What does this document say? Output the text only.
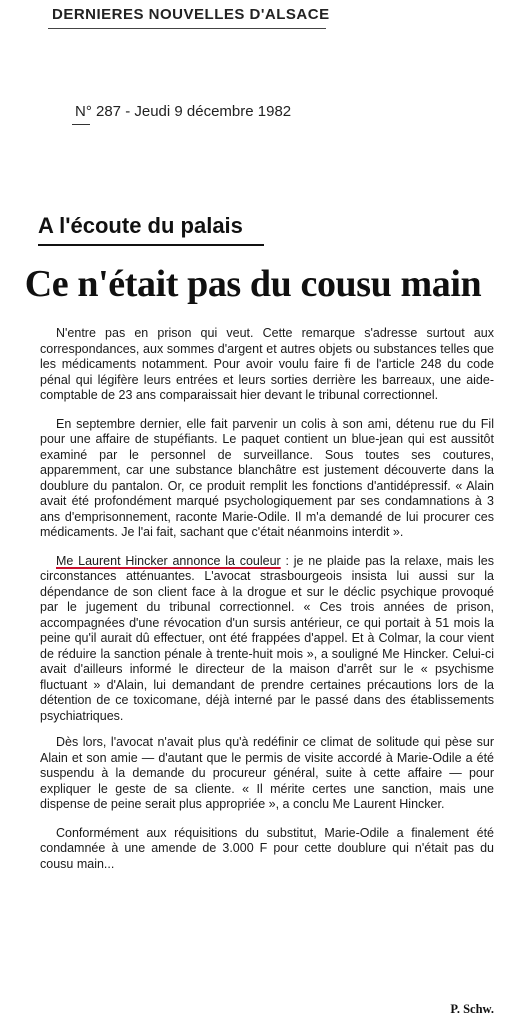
DERNIERES NOUVELLES D'ALSACE
N° 287 - Jeudi 9 décembre 1982
A l'écoute du palais
Ce n'était pas du cousu main

N'entre pas en prison qui veut. Cette remarque s'adresse surtout aux correspondances, aux sommes d'argent et autres objets ou substances telles que les médicaments notamment. Pour avoir voulu faire fi de l'article 248 du code pénal qui légifère leurs entrées et leurs sorties derrière les barreaux, une aide-comptable de 23 ans comparaissait hier devant le tribunal correctionnel.

En septembre dernier, elle fait parvenir un colis à son ami, détenu rue du Fil pour une affaire de stupéfiants. Le paquet contient un blue-jean qui est aussitôt examiné par le personnel de surveillance. Sous toutes ses coutures, apparemment, car une substance blanchâtre est justement découverte dans la doublure du pantalon. Or, ce produit remplit les fonctions d'antidépressif. « Alain avait été profondément marqué psychologiquement par ses condamnations à 3 ans d'emprisonnement, raconte Marie-Odile. Il m'a demandé de lui procurer ces médicaments. Je l'ai fait, sachant que c'était néanmoins interdit ».

Me Laurent Hincker annonce la couleur : je ne plaide pas la relaxe, mais les circonstances atténuantes. L'avocat strasbourgeois insista lui aussi sur la dépendance de son client face à la drogue et sur le déclic psychique provoqué par le jugement du tribunal correctionnel. « Ces trois années de prison, accompagnées d'une révocation d'un sursis antérieur, ce qui portait à 51 mois la peine qu'il aurait dû effectuer, ont été frappées d'appel. Et à Colmar, la cour vient de réduire la sanction pénale à trente-huit mois », a souligné Me Hincker. Celui-ci avait d'ailleurs informé le directeur de la maison d'arrêt sur le « psychisme fluctuant » d'Alain, lui demandant de prendre certaines précautions lors de la détention de ce toxicomane, déjà interné par le passé dans des établissements psychiatriques.

Dès lors, l'avocat n'avait plus qu'à redéfinir ce climat de solitude qui pèse sur Alain et son amie — d'autant que le permis de visite accordé à Marie-Odile a été suspendu à la demande du procureur général, suite à cette affaire — pour expliquer le geste de sa cliente. « Il mérite certes une sanction, mais une dispense de peine serait plus appropriée », a conclu Me Laurent Hincker.

Conformément aux réquisitions du substitut, Marie-Odile a finalement été condamnée à une amende de 3.000 F pour cette doublure qui n'était pas du cousu main...

P. Schw.
